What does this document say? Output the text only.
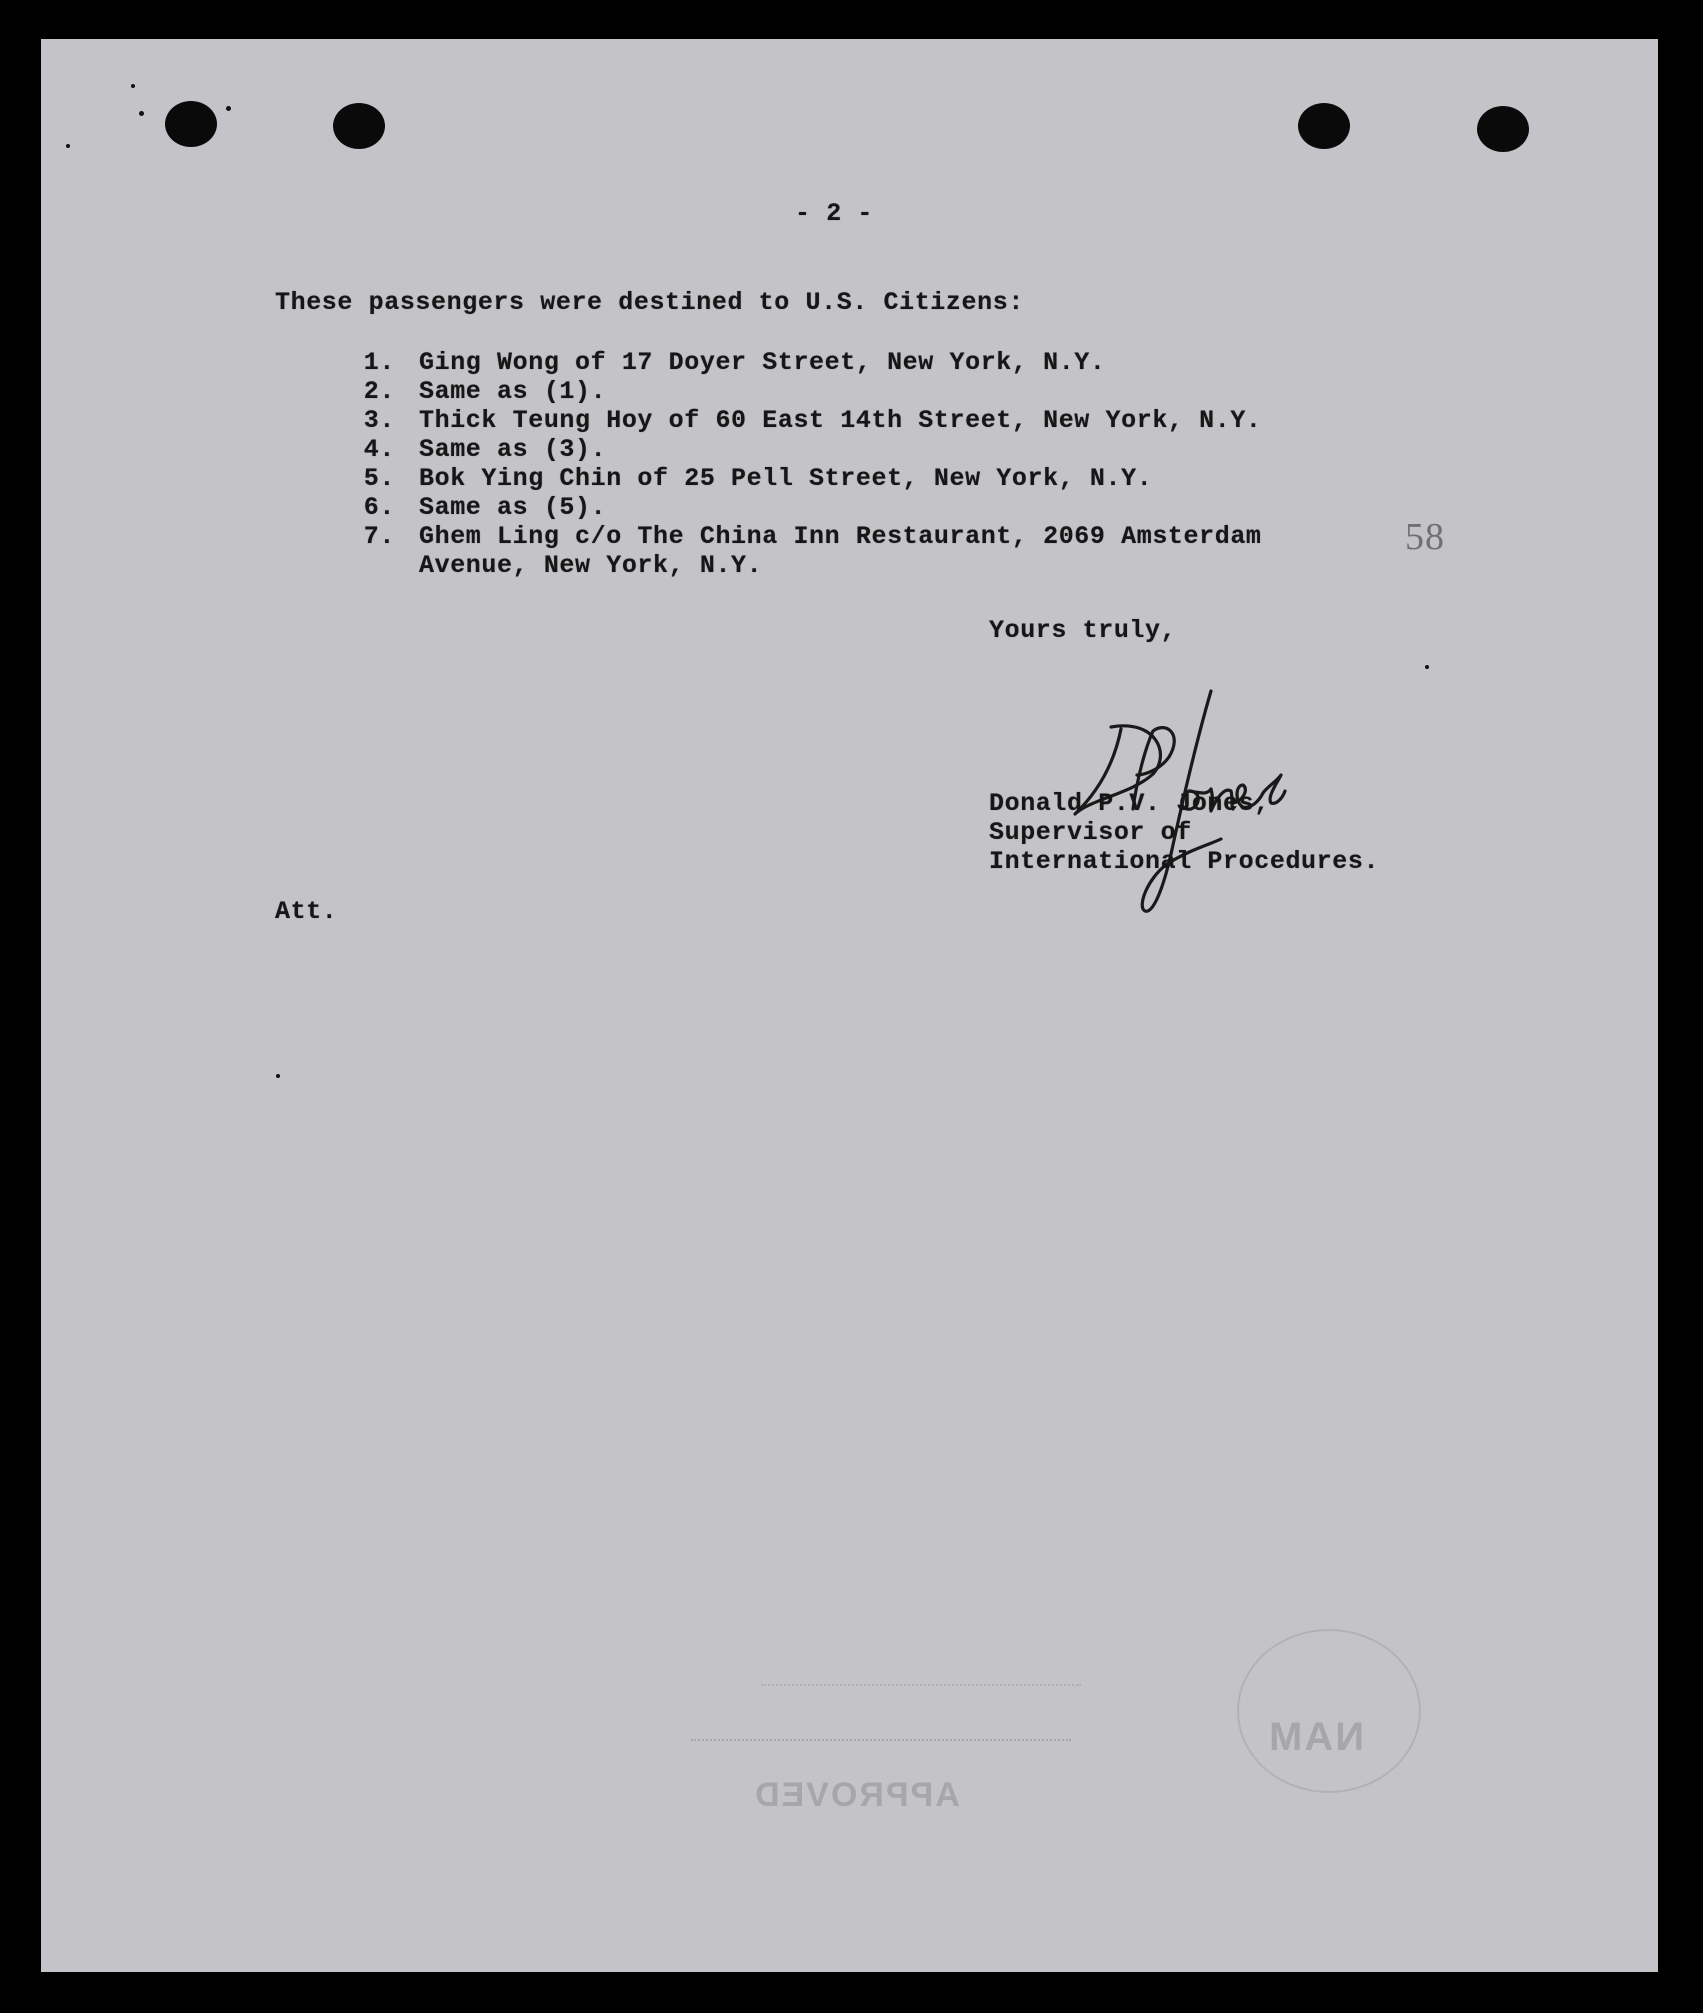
- 2 -
These passengers were destined to U.S. Citizens:
1. Ging Wong of 17 Doyer Street, New York, N.Y.
2. Same as (1).
3. Thick Teung Hoy of 60 East 14th Street, New York, N.Y.
4. Same as (3).
5. Bok Ying Chin of 25 Pell Street, New York, N.Y.
6. Same as (5).
7. Ghem Ling c/o The China Inn Restaurant, 2069 Amsterdam
Avenue, New York, N.Y.
58
Yours truly,
Donald P.V. Jones,
Supervisor of
International Procedures.
Att.
APPROVED
NAM
